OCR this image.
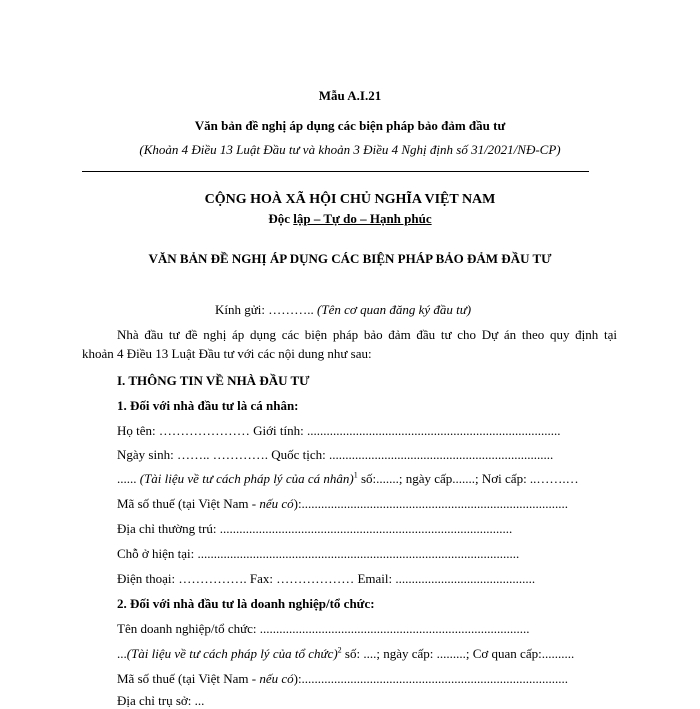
Mẫu A.I.21
Văn bản đề nghị áp dụng các biện pháp bảo đảm đầu tư
(Khoản 4 Điều 13 Luật Đầu tư và khoản 3 Điều 4 Nghị định số 31/2021/NĐ-CP)
CỘNG HOÀ XÃ HỘI CHỦ NGHĨA VIỆT NAM
Độc lập – Tự do – Hạnh phúc
VĂN BẢN ĐỀ NGHỊ ÁP DỤNG CÁC BIỆN PHÁP BẢO ĐẢM ĐẦU TƯ
Kính gửi: ……….. (Tên cơ quan đăng ký đầu tư)
Nhà đầu tư đề nghị áp dụng các biện pháp bảo đảm đầu tư cho Dự án theo quy định tại
khoản 4 Điều 13 Luật Đầu tư với các nội dung như sau:
I. THÔNG TIN VỀ NHÀ ĐẦU TƯ
1. Đối với nhà đầu tư là cá nhân:
Họ tên: ………………… Giới tính: ..............................................................................
Ngày sinh: …….. …………. Quốc tịch: .....................................................................
...... (Tài liệu về tư cách pháp lý của cá nhân)$^1$ số:.......; ngày cấp.......; Nơi cấp: ..…….…
Mã số thuế (tại Việt Nam - nếu có):..................................................................................
Địa chỉ thường trú: ..........................................................................................
Chỗ ở hiện tại: ...................................................................................................
Điện thoại: ……………. Fax: ……………… Email: ...........................................
2. Đối với nhà đầu tư là doanh nghiệp/tổ chức:
Tên doanh nghiệp/tổ chức: ...................................................................................
...(Tài liệu về tư cách pháp lý của tổ chức)$^2$ số: ....; ngày cấp: .........; Cơ quan cấp:..........
Mã số thuế (tại Việt Nam - nếu có):..................................................................................
Địa chỉ trụ sở: ...
